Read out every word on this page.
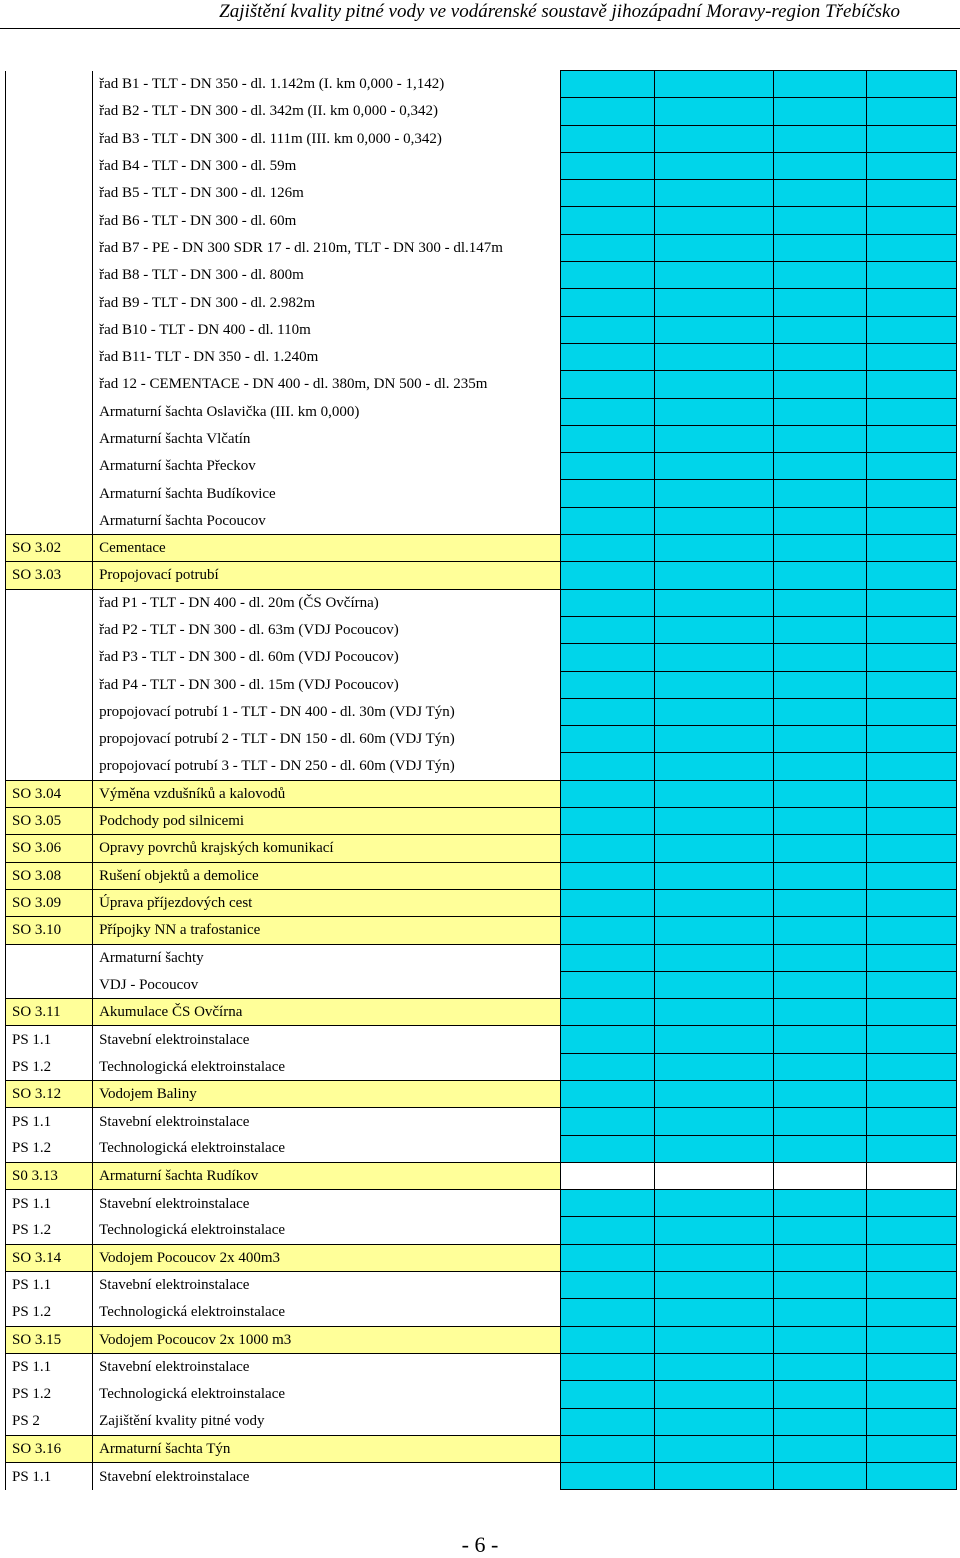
Zajištění kvality pitné vody ve vodárenské soustavě jihozápadní Moravy-region Třebíčsko
	řad B1 - TLT - DN 350 - dl. 1.142m (I. km 0,000 - 1,142)				
	řad B2 - TLT - DN 300 - dl. 342m (II. km 0,000 - 0,342)				
	řad B3 - TLT - DN 300 - dl. 111m (III. km 0,000 - 0,342)				
	řad B4 - TLT - DN 300 - dl. 59m				
	řad B5 - TLT - DN 300 - dl. 126m				
	řad B6 - TLT - DN 300 - dl. 60m				
	řad B7 - PE - DN 300 SDR 17 - dl. 210m, TLT - DN 300 - dl.147m				
	řad B8 - TLT - DN 300 - dl. 800m				
	řad B9 - TLT - DN 300 - dl. 2.982m				
	řad B10 - TLT - DN 400 - dl. 110m				
	řad B11- TLT - DN 350 - dl. 1.240m				
	řad 12 - CEMENTACE - DN 400 - dl. 380m, DN 500 - dl. 235m				
	Armaturní šachta Oslavička (III. km 0,000)				
	Armaturní šachta Vlčatín				
	Armaturní šachta Přeckov				
	Armaturní šachta Budíkovice				
	Armaturní šachta Pocoucov				
SO 3.02	Cementace				
SO 3.03	Propojovací potrubí				
	řad P1 - TLT - DN 400 - dl. 20m (ČS Ovčírna)				
	řad P2 - TLT - DN 300 - dl. 63m (VDJ Pocoucov)				
	řad P3 - TLT - DN 300 - dl. 60m (VDJ Pocoucov)				
	řad P4 - TLT - DN 300 - dl. 15m (VDJ Pocoucov)				
	propojovací potrubí 1 - TLT - DN 400 - dl. 30m (VDJ Týn)				
	propojovací potrubí 2 - TLT - DN 150 - dl. 60m (VDJ Týn)				
	propojovací potrubí 3 - TLT - DN 250 - dl. 60m (VDJ Týn)				
SO 3.04	Výměna vzdušníků a kalovodů				
SO 3.05	Podchody pod silnicemi				
SO 3.06	Opravy povrchů krajských komunikací				
SO 3.08	Rušení objektů a demolice				
SO 3.09	Úprava příjezdových cest				
SO 3.10	Přípojky NN a trafostanice				
	Armaturní šachty				
	VDJ - Pocoucov				
SO 3.11	Akumulace ČS Ovčírna				
PS 1.1	Stavební elektroinstalace				
PS 1.2	Technologická elektroinstalace				
SO 3.12	Vodojem Baliny				
PS 1.1	Stavební elektroinstalace				
PS 1.2	Technologická elektroinstalace				
S0 3.13	Armaturní šachta Rudíkov				
PS 1.1	Stavební elektroinstalace				
PS 1.2	Technologická elektroinstalace				
SO 3.14	Vodojem Pocoucov 2x 400m3				
PS 1.1	Stavební elektroinstalace				
PS 1.2	Technologická elektroinstalace				
SO 3.15	Vodojem Pocoucov 2x 1000 m3				
PS 1.1	Stavební elektroinstalace				
PS 1.2	Technologická elektroinstalace				
PS 2	Zajištění kvality pitné vody				
SO 3.16	Armaturní šachta Týn				
PS 1.1	Stavební elektroinstalace				
- 6 -
